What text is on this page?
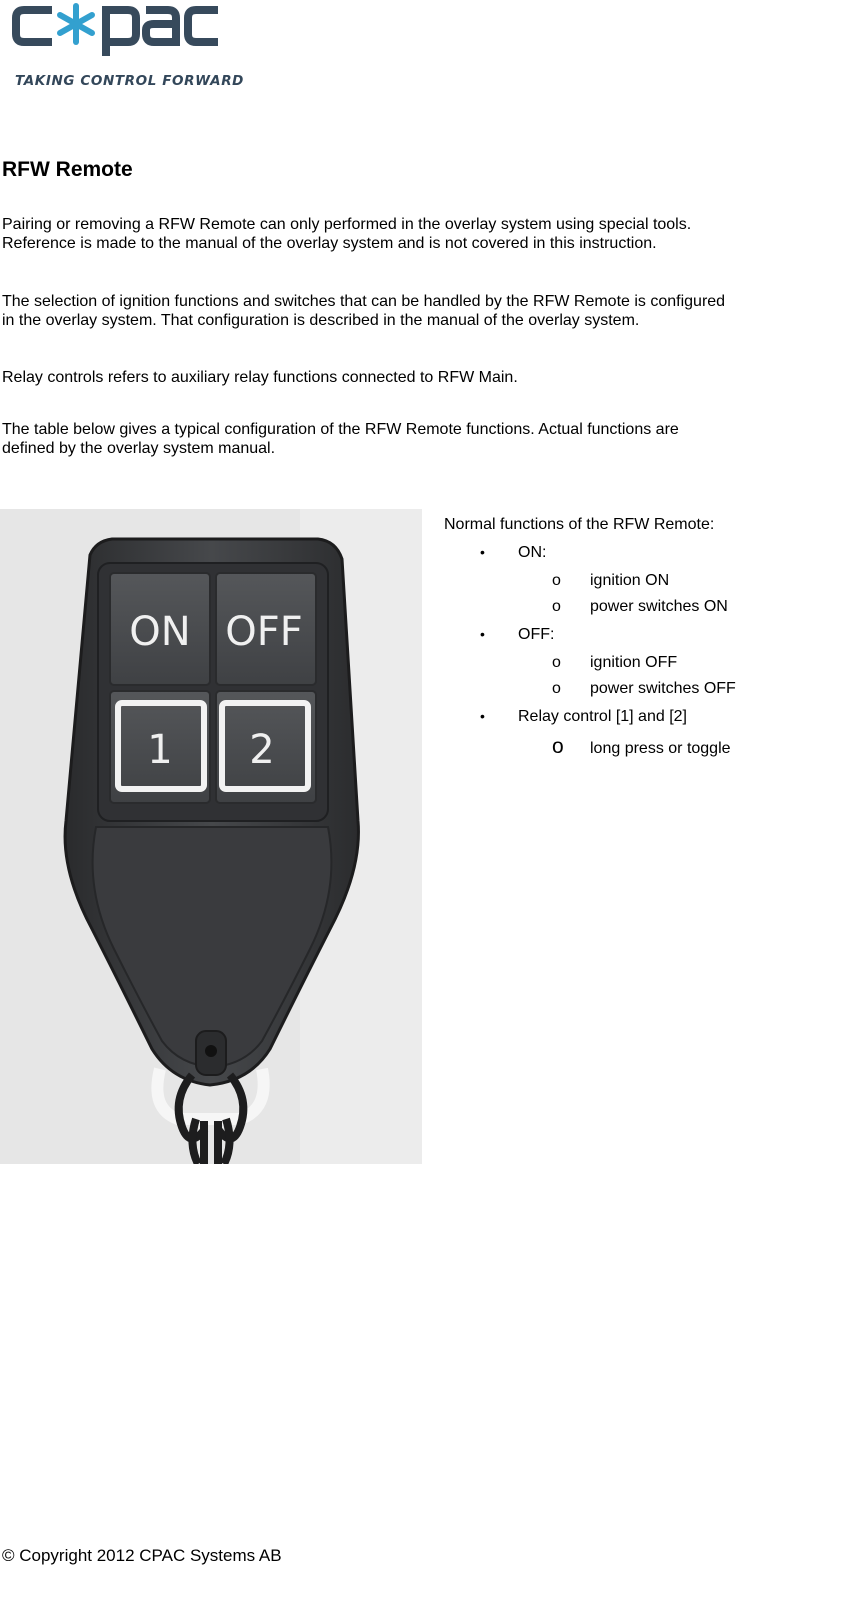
TAKING CONTROL FORWARD
RFW Remote

Pairing or removing a RFW Remote can only performed in the overlay system using special tools.
Reference is made to the manual of the overlay system and is not covered in this instruction.

The selection of ignition functions and switches that can be handled by the RFW Remote is configured
in the overlay system. That configuration is described in the manual of the overlay system.

Relay controls refers to auxiliary relay functions connected to RFW Main.

The table below gives a typical configuration of the RFW Remote functions. Actual functions are
defined by the overlay system manual.

ON OFF
1 2

Normal functions of the RFW Remote:

• ON:
o ignition ON
o power switches ON
• OFF:
o ignition OFF
o power switches OFF
• Relay control [1] and [2]
o long press or toggle

© Copyright 2012 CPAC Systems AB
